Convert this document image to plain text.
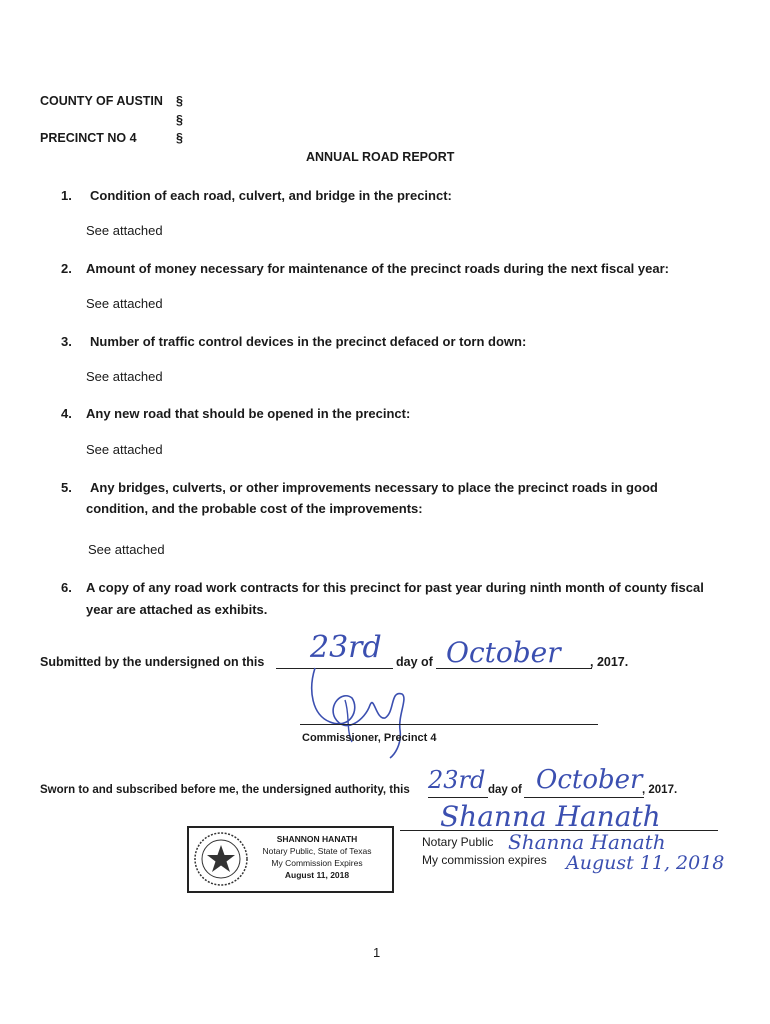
COUNTY OF AUSTIN §
§
PRECINCT NO 4	§
ANNUAL ROAD REPORT
1. Condition of each road, culvert, and bridge in the precinct:
See attached
2. Amount of money necessary for maintenance of the precinct roads during the next fiscal year:
See attached
3. Number of traffic control devices in the precinct defaced or torn down:
See attached
4. Any new road that should be opened in the precinct:
See attached
5. Any bridges, culverts, or other improvements necessary to place the precinct roads in good
condition, and the probable cost of the improvements:
See attached
6. A copy of any road work contracts for this precinct for past year during ninth month of county fiscal
year are attached as exhibits.
Submitted by the undersigned on this 23rd day of October , 2017.
Commissioner, Precinct 4
Sworn to and subscribed before me, the undersigned authority, this 23rd day of October , 2017.
Shanna Hanath
Notary Public Shanna Hanath
My commission expires August 11, 2018
SHANNON HANATH
Notary Public, State of Texas
My Commission Expires
August 11, 2018
1
